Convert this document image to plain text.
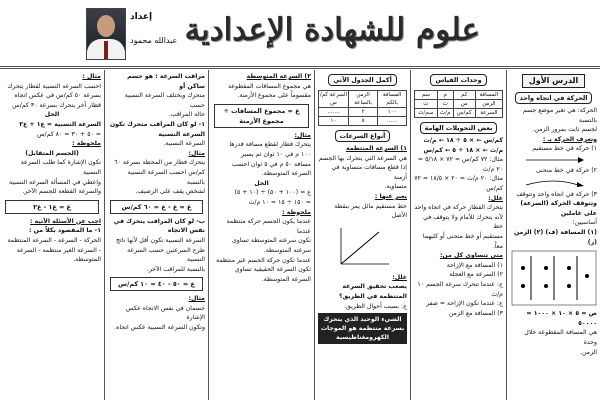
إعداد
عبدالله محمود علوم للشهادة الإعدادية
الدرس الأول
الحركة في اتجاه واحد

الحركة: هي تغير موضع جسم بالنسبة

لجسم ثابت بمرور الزمن.

وتعرف الحركة بـ :

١) حركة في خط مستقيم

٢) حركة في خط منحنى

٣) حركة في اتجاه واحد وتتوقف

وتتوقف الحركة (السرعة) على عاملين

أساسيين:

(١) المسافة (ف) (٢) الزمن (ز)

ص = ٥ × ١٠ × ١٠٠٠ = ٥٠٠٠٠

هي المسافة المقطوعة خلال وحدة

الزمن.

وحدات القياس
المسافة	كم	م	سم
الزمن	س	ث	ث
السرعة	كم/س	م/ث	سم/ث
بعض التحويلات الهامة

كم/س ← × ٥ ÷ ١٨ ← م/ث

م/ث ← × ١٨ ÷ ٥ ← كم/س

مثال: ٧٢ كم/س = ٧٢ × ٥/١٨ = ٢٠ م/ث

مثال: ٢٠ م/ث = ٢٠ × ١٨/٥ = ٧٢ كم/س

علل:

يتحرك القطار حركة في اتجاه واحد

لأنه يتحرك للأمام ولا يتوقف في خط

مستقيم أو خط منحنى أو كليهما معاً.

متى تتساوى كل من:

١) المسافة مع الإزاحة

٢) السرعة مع العجلة

ج: عندما تتحرك سرعة الجسم ١٠ م/ث

ج: عندما تكون الإزاحة = صفر

٣) المسافة مع الزمن

أكمل الجدول الآتي
المسافة بالكم	الزمن بالساعة	السرعة كم/س
١٠٠	٢	.......
......	٥	١٠
أنواع السرعات

١) السرعة المنتظمة

هي السرعة التي يتحرك بها الجسم

إذا قطع مسافات متساوية في أزمنة

متساوية.

يعبر عنها :

خط مستقيم مائل يمر بنقطة الأصل

علل:

يصعب تحقيق السرعة المنتظمة في الطريق؟

ج: بسبب أحوال الطريق.

الشيء الوحيد الذي يتحرك بسرعة منتظمة هو الموجات الكهرومغناطيسية

٢) السرعة المتوسطة

هي مجموع المسافات المقطوعة

مقسوماً على مجموع الأزمنة.

ع = مجموع المسافات ÷ مجموع الأزمنة

مثال:

يتحرك قطار لقطع مسافة قدرها

١٠٠ م في ١٠ ثوان ثم يسير

مسافة ٥٠ م في ٥ ثوان احسب

السرعة المتوسطة.

الحل

ع = (١٠٠ + ٥٠) ÷ (١٠ + ٥)

= ١٥٠ ÷ ١٥ = ١٠ م/ث

ملحوظة :

عندما يكون الجسم حركة منتظمة عندما

تكون سرعته المتوسطة تساوي

سرعته المتوسطة.

عندما تكون حركة الجسم غير منتظمة

تكون السرعة الحقيقية تساوي

السرعة المتوسطة.

مراقب السرعة : هو جسم ساكن أو

متحرك ويختلف السرعة النسبية حسب

حالة المراقب.

١- لو كان المراقب متحرك تكون السرعة النسبية

السرعة النسبية.

مثال:

يتحرك قطار من المحطة بسرعة ٦٠

كم/س احسب السرعة النسبية بالنسبة

لشخص يقف على الرصيف.

ع = ع - ع = ٦٠ كم/س

ب- لو كان المراقب يتحرك في نفس الاتجاه

السرعة النسبية تكون أقل لأنها ناتج

طرح السرعتين حسب السرعة النسبية

بالنسبة للمراقب الآخر.

ع = ٥٠ - ٤٠ = ١٠ كم/س

مثال:

جسمان في نفس الاتجاه عكس الإشارة

وتكون السرعة النسبية عكس اتجاه.

مثال :

احسب السرعة النسبية لقطار يتحرك

بسرعة ٥٠ كم/س في عكس اتجاه

قطار آخر يتحرك بسرعة ٣٠ كم/س

الحل

السرعة النسبية = ع١ + ع٢

= ٥٠ + ٣٠ = ٨٠ كم/س

ملحوظة :

(الجسم المتقابل)

تكون الإشارة كما طلب السرعة النسبية

واعطي في المسألة السرعة النسبية

والسرعة القطعة للجسم الآخر.

ع = ع١ - ع٢

اجب عن الأسئلة الآتية :

١- ما المقصود بكلاً من :

الحركة - السرعة - السرعة المنتظمة

- السرعة الغير منتظمة - السرعة

المتوسطة.
